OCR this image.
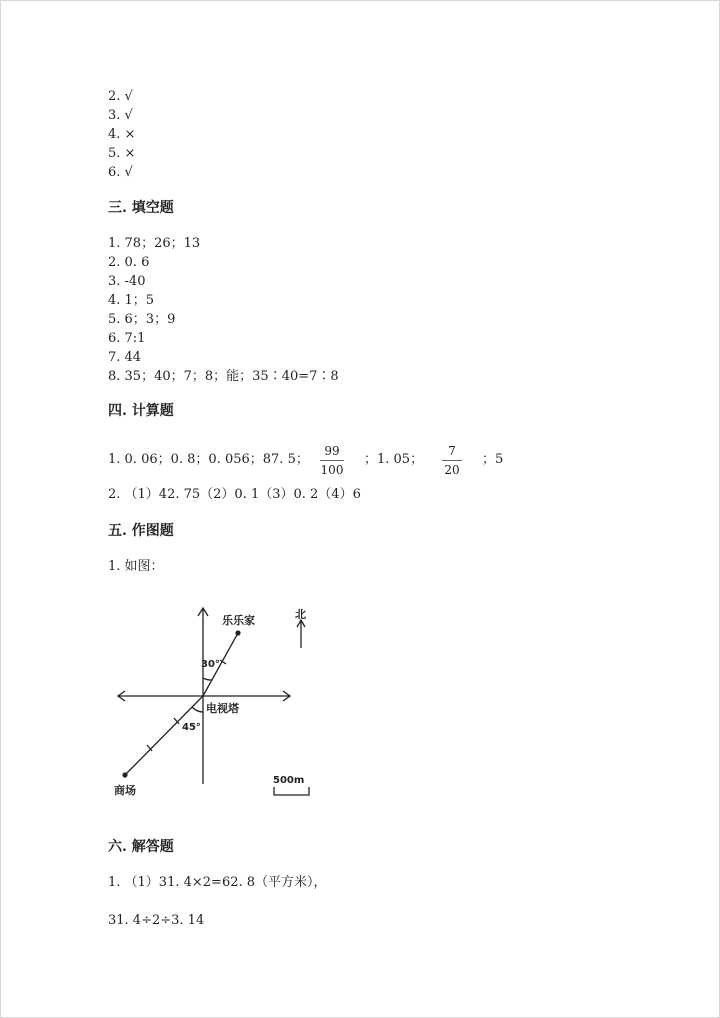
2. √
3. √
4. ×
5. ×
6. √
三. 填空题
1. 78；26；13
2. 0. 6
3. -40
4. 1；5
5. 6；3；9
6. 7:1
7. 44
8. 35；40；7；8；能；35∶40=7∶8
四. 计算题
1. 0. 06；0. 8；0. 056；87. 5； $\frac{99}{100}$ ；1. 05； $\frac{7}{20}$ ；5
2. （1）42. 75（2）0. 1（3）0. 2（4）6
五. 作图题
1. 如图：
乐乐家
电视塔
商场
30°
45°
北
500m
六. 解答题
1. （1）31. 4×2=62. 8（平方米），
31. 4÷2÷3. 14
